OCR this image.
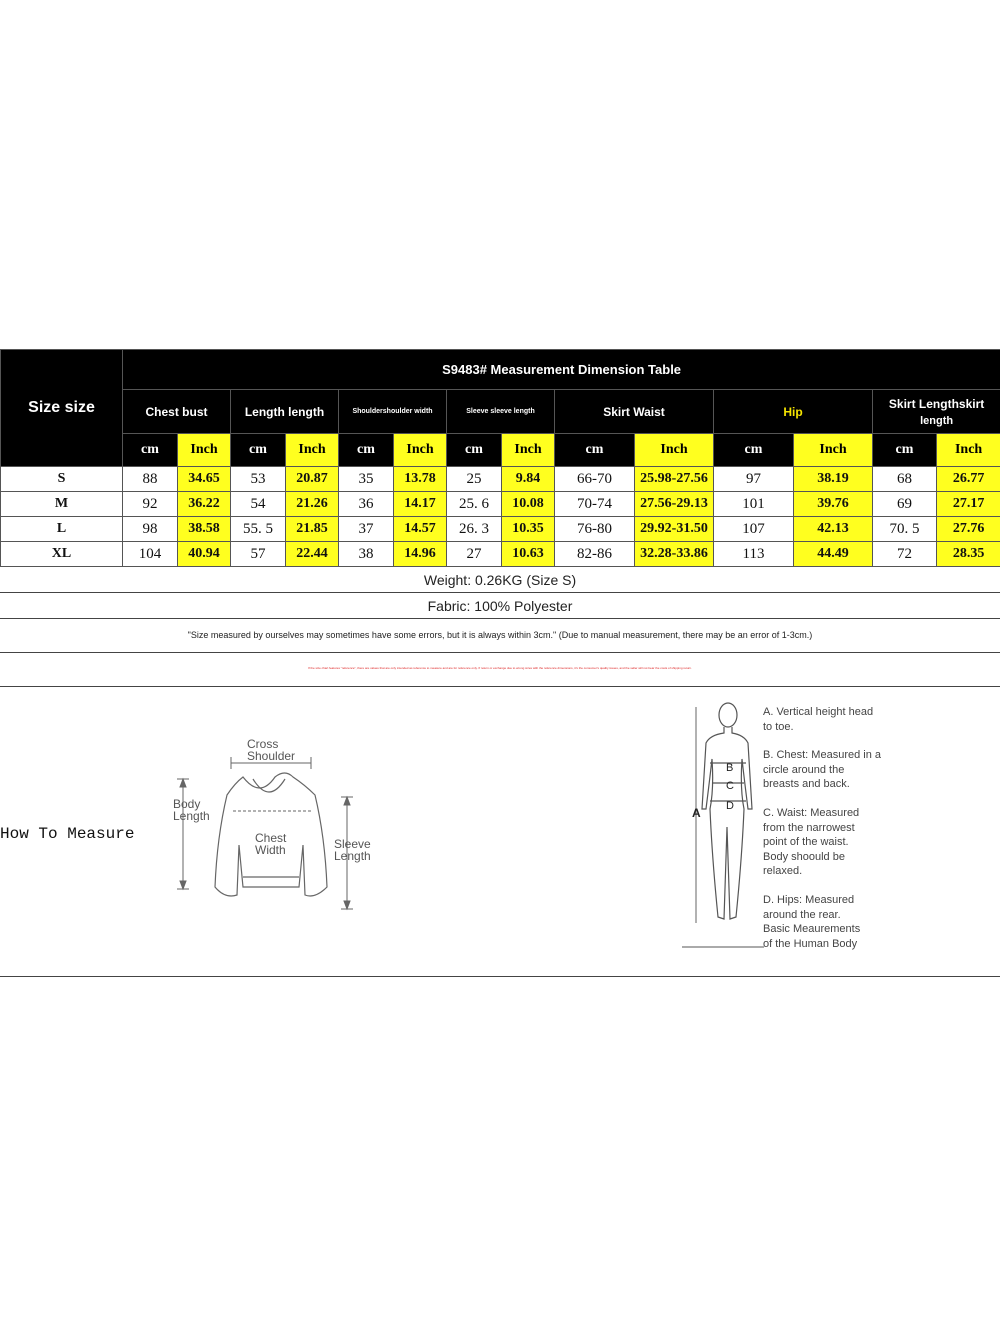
Size size	S9483# Measurement Dimension Table													
	Chest bust		Length length		Shouldershoulder width		Sleeve sleeve length		Skirt Waist		Hip		Skirt Lengthskirt
length	

	cm	Inch	cm	Inch	cm	Inch	cm	Inch	cm	Inch	cm	Inch	cm	Inch
S	88	34.65	53	20.87	35	13.78	25	9.84	66-70	25.98-27.56	97	38.19	68	26.77
M	92	36.22	54	21.26	36	14.17	25. 6	10.08	70-74	27.56-29.13	101	39.76	69	27.17
L	98	38.58	55. 5	21.85	37	14.57	26. 3	10.35	76-80	29.92-31.50	107	42.13	70. 5	27.76
XL	104	40.94	57	22.44	38	14.96	27	10.63	82-86	32.28-33.86	113	44.49	72	28.35
Weight: 0.26KG (Size S)
Fabric: 100% Polyester
"Size measured by ourselves may sometimes have some errors, but it is always within 3cm." (Due to manual measurement, there may be an error of 1-3cm.)
If the size chart features "reference", there are values that are only intended as reference to measure and are for reference only. If return or exchange due to wrong sizes with the reference dimensions, it's the consumer's quality issues, and the seller will not bear the costs of shipping return.
How To Measure
Cross
Shoulder
Body
Length
Chest
Width	Sleeve
Length
A
B
C
D
A. Vertical height head
to toe.
B. Chest: Measured in a
circle around the
breasts and back.
C. Waist: Measured
from the narrowest
point of the waist.
Body shoould be
relaxed.
D. Hips: Measured
around the rear.
Basic Meaurements
of the Human Body
